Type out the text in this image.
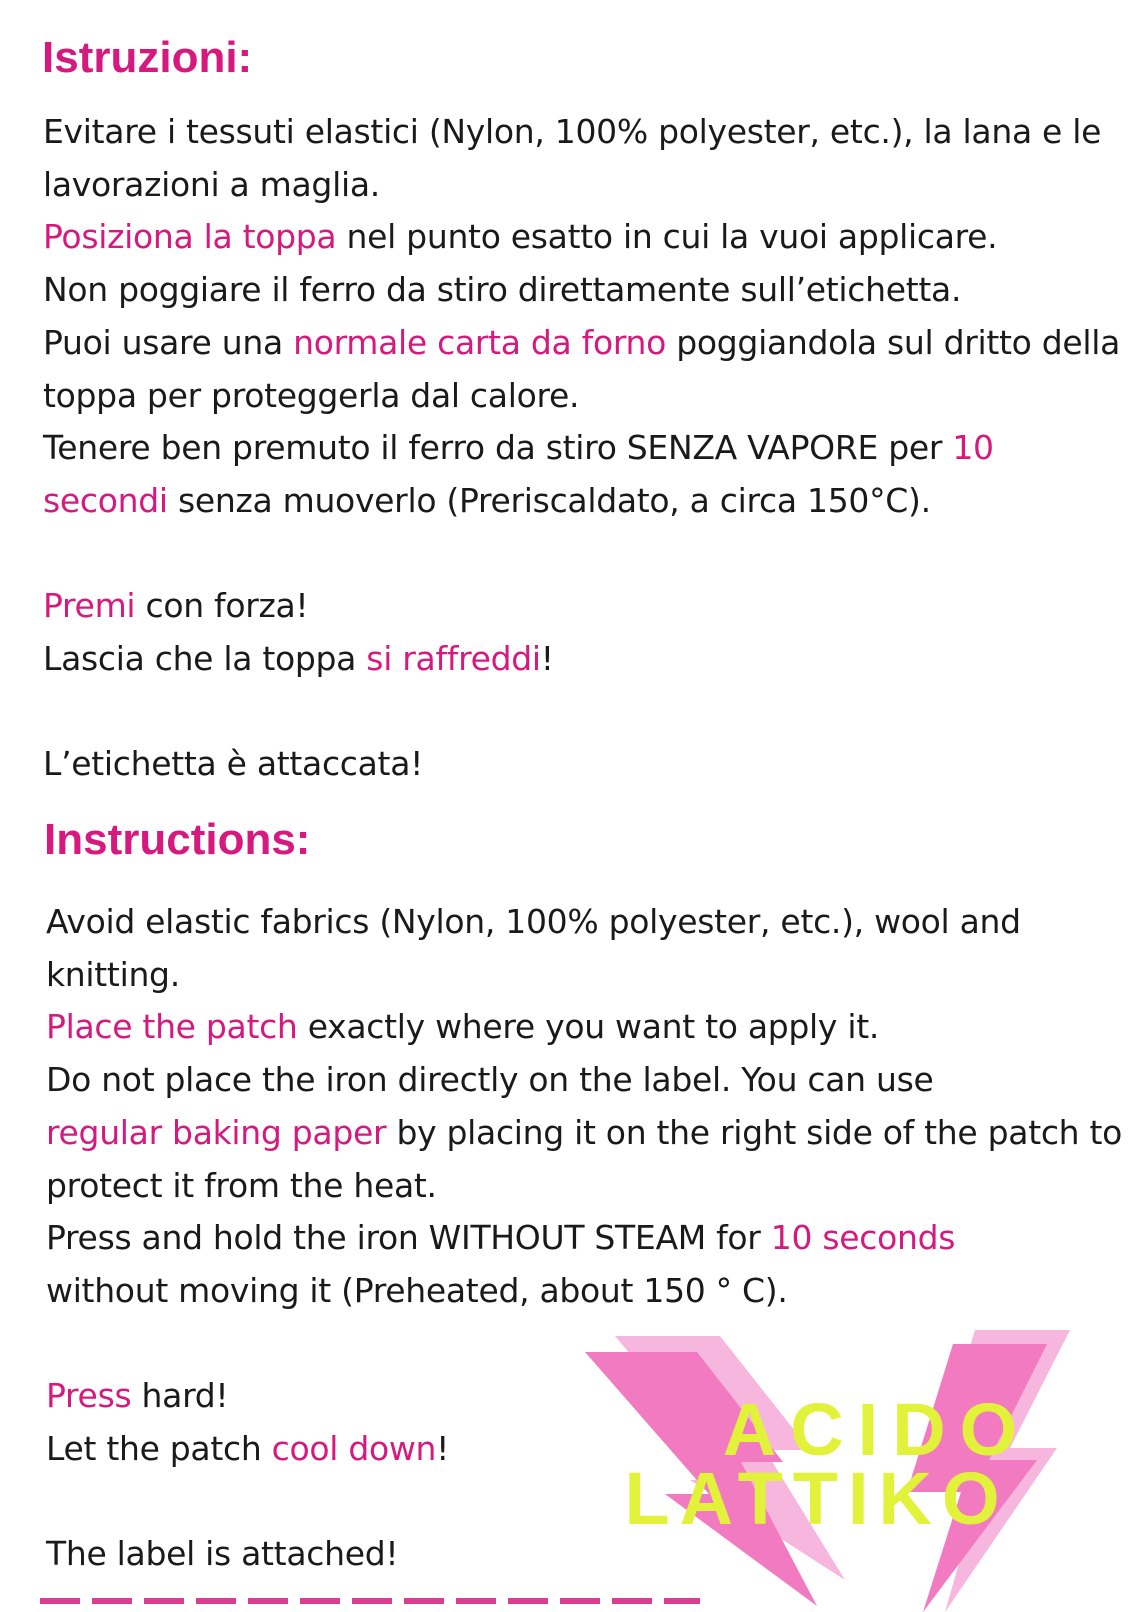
Istruzioni:
Evitare i tessuti elastici (Nylon, 100% polyester, etc.), la lana e le lavorazioni a maglia.
Posiziona la toppa nel punto esatto in cui la vuoi applicare.
Non poggiare il ferro da stiro direttamente sull’etichetta.
Puoi usare una normale carta da forno poggiandola sul dritto della toppa per proteggerla dal calore.
Tenere ben premuto il ferro da stiro SENZA VAPORE per 10 secondi senza muoverlo (Preriscaldato, a circa 150°C).
Premi con forza!
Lascia che la toppa si raffreddi!
L’etichetta è attaccata!
Instructions:
Avoid elastic fabrics (Nylon, 100% polyester, etc.), wool and knitting.
Place the patch exactly where you want to apply it.
Do not place the iron directly on the label. You can use
regular baking paper by placing it on the right side of the patch to protect it from the heat.
Press and hold the iron WITHOUT STEAM for 10 seconds
without moving it (Preheated, about 150 ° C).
Press hard!
Let the patch cool down!
The label is attached!
ACIDO
LATTIKO
